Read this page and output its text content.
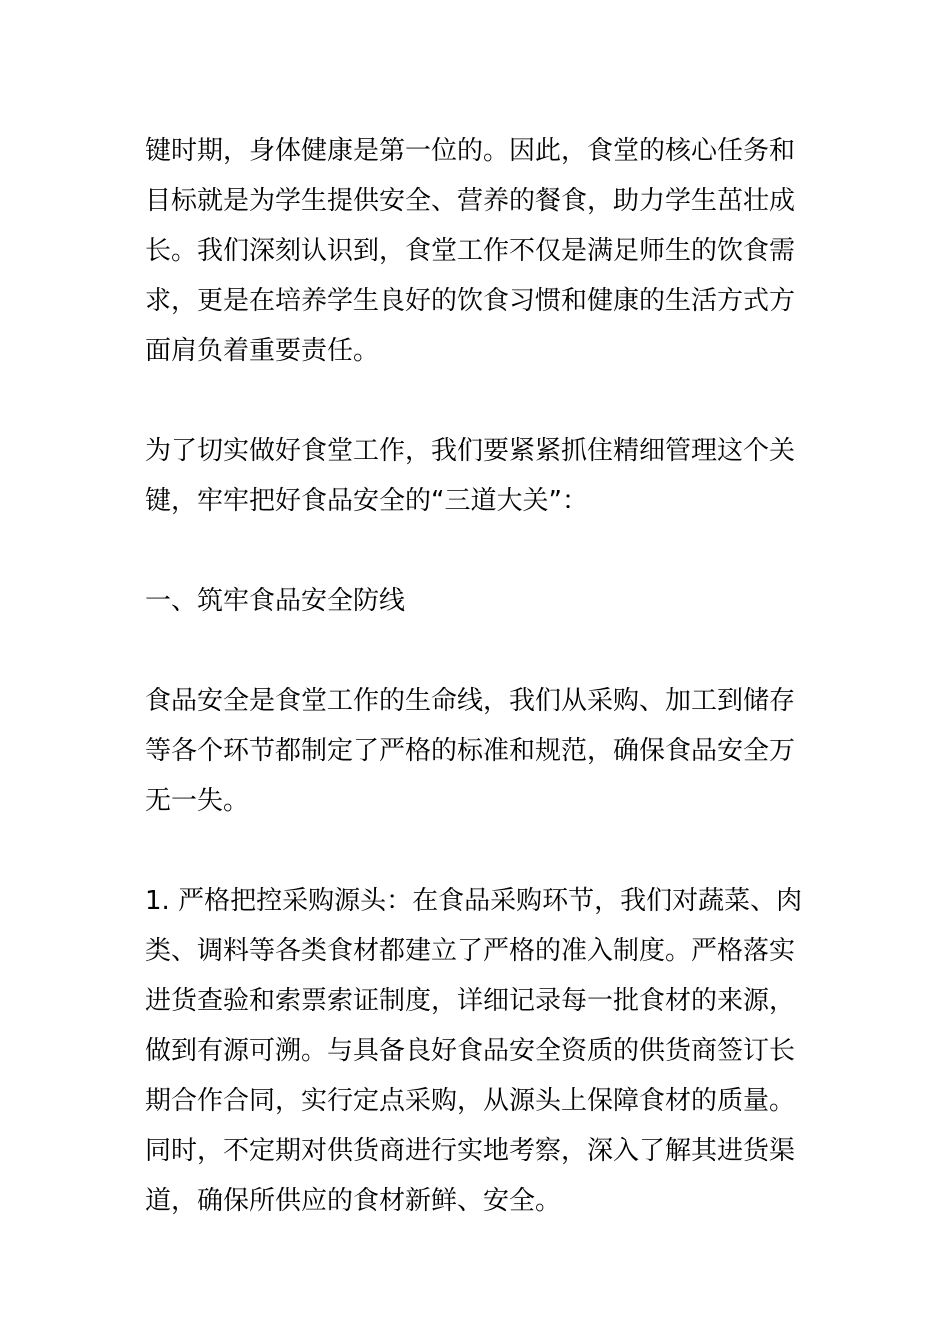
键时期，身体健康是第一位的。因此，食堂的核心任务和
目标就是为学生提供安全、营养的餐食，助力学生茁壮成
长。我们深刻认识到，食堂工作不仅是满足师生的饮食需
求，更是在培养学生良好的饮食习惯和健康的生活方式方
面肩负着重要责任。
为了切实做好食堂工作，我们要紧紧抓住精细管理这个关
键，牢牢把好食品安全的“三道大关”：
一、筑牢食品安全防线
食品安全是食堂工作的生命线，我们从采购、加工到储存
等各个环节都制定了严格的标准和规范，确保食品安全万
无一失。
1. 严格把控采购源头：在食品采购环节，我们对蔬菜、肉
类、调料等各类食材都建立了严格的准入制度。严格落实
进货查验和索票索证制度，详细记录每一批食材的来源，
做到有源可溯。与具备良好食品安全资质的供货商签订长
期合作合同，实行定点采购，从源头上保障食材的质量。
同时，不定期对供货商进行实地考察，深入了解其进货渠
道，确保所供应的食材新鲜、安全。
